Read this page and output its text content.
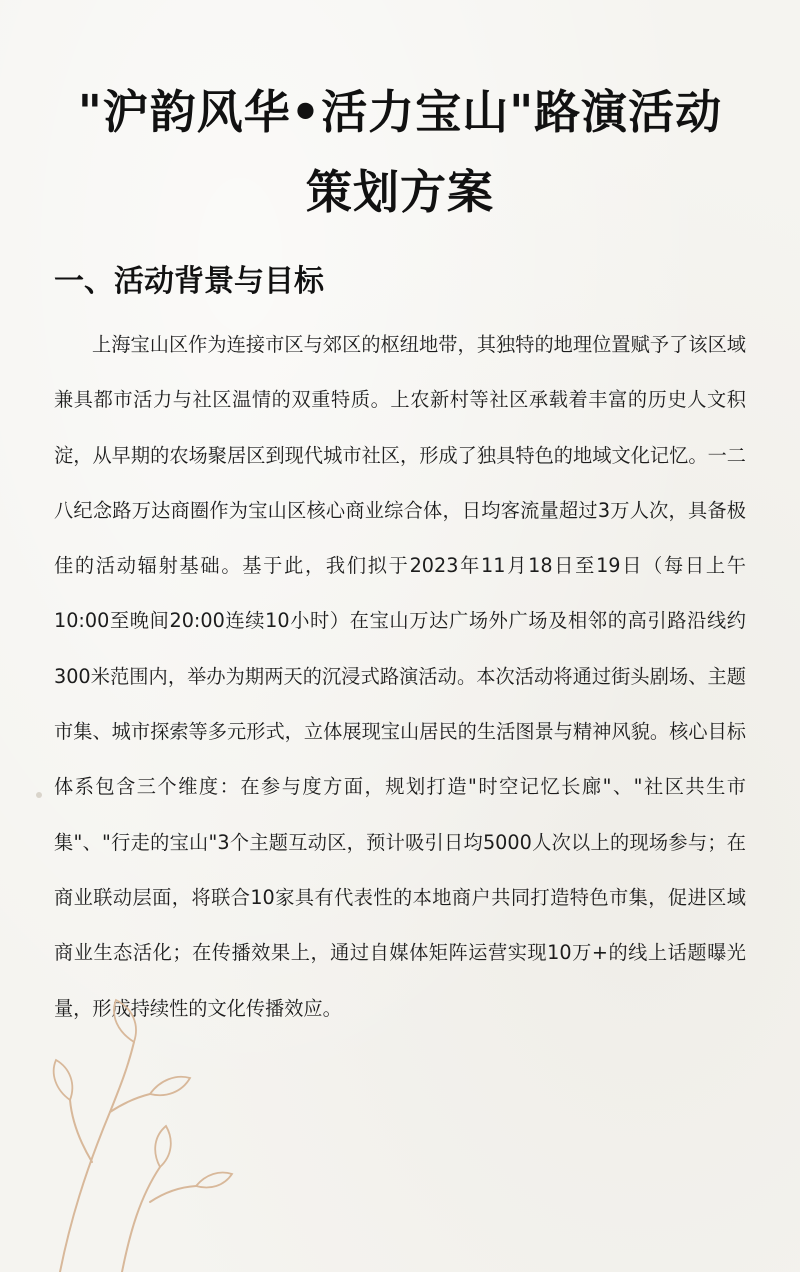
"沪韵风华•活力宝山"路演活动
策划方案
一、活动背景与目标

上海宝山区作为连接市区与郊区的枢纽地带，其独特的地理位置赋予了该区域兼具都市活力与社区温情的双重特质。上农新村等社区承载着丰富的历史人文积淀，从早期的农场聚居区到现代城市社区，形成了独具特色的地域文化记忆。一二八纪念路万达商圈作为宝山区核心商业综合体，日均客流量超过3万人次，具备极佳的活动辐射基础。基于此，我们拟于2023年11月18日至19日（每日上午10:00至晚间20:00连续10小时）在宝山万达广场外广场及相邻的高引路沿线约300米范围内，举办为期两天的沉浸式路演活动。本次活动将通过街头剧场、主题市集、城市探索等多元形式，立体展现宝山居民的生活图景与精神风貌。核心目标体系包含三个维度：在参与度方面，规划打造"时空记忆长廊"、"社区共生市集"、"行走的宝山"3个主题互动区，预计吸引日均5000人次以上的现场参与；在商业联动层面，将联合10家具有代表性的本地商户共同打造特色市集，促进区域商业生态活化；在传播效果上，通过自媒体矩阵运营实现10万+的线上话题曝光量，形成持续性的文化传播效应。
